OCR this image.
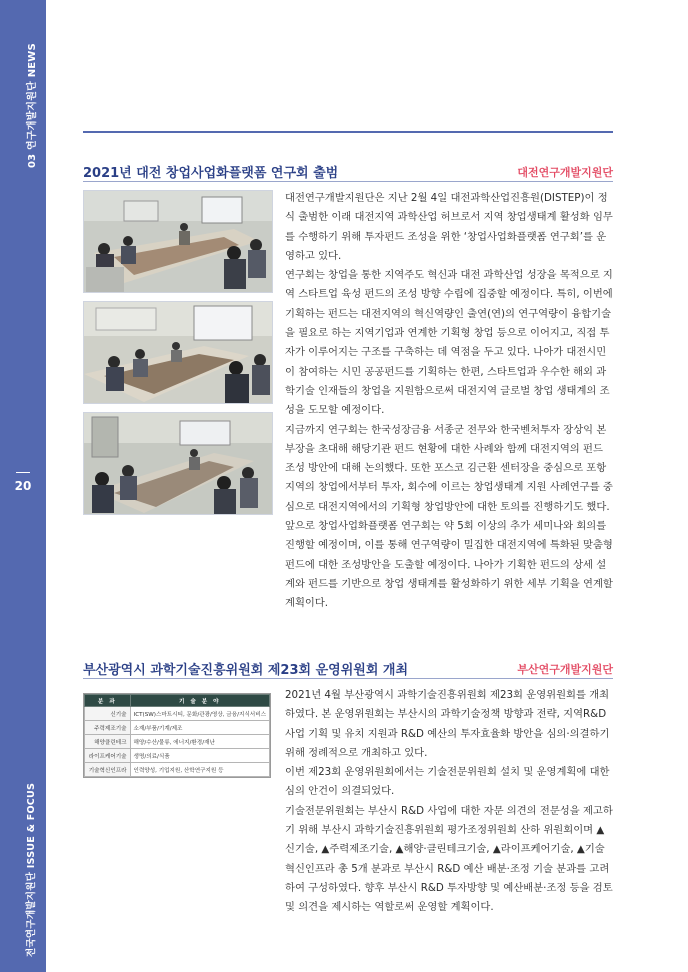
03 연구개발지원단 NEWS
20
전국연구개발지원단 ISSUE & FOCUS
2021년 대전 창업사업화플랫폼 연구회 출범	대전연구개발지원단

대전연구개발지원단은 지난 2월 4일 대전과학산업진흥원(DISTEP)이 정식 출범한 이래 대전지역 과학산업 허브로서 지역 창업생태계 활성화 임무를 수행하기 위해 투자펀드 조성을 위한 ‘창업사업화플랫폼 연구회’를 운영하고 있다.

연구회는 창업을 통한 지역주도 혁신과 대전 과학산업 성장을 목적으로 지역 스타트업 육성 펀드의 조성 방향 수립에 집중할 예정이다. 특히, 이번에 기획하는 펀드는 대전지역의 혁신역량인 출연(연)의 연구역량이 융합기술을 필요로 하는 지역기업과 연계한 기획형 창업 등으로 이어지고, 직접 투자가 이루어지는 구조를 구축하는 데 역점을 두고 있다. 나아가 대전시민이 참여하는 시민 공공펀드를 기획하는 한편, 스타트업과 우수한 해외 과학기술 인재들의 창업을 지원함으로써 대전지역 글로벌 창업 생태계의 조성을 도모할 예정이다.

지금까지 연구회는 한국성장금융 서종군 전무와 한국벤처투자 장상익 본부장을 초대해 해당기관 펀드 현황에 대한 사례와 함께 대전지역의 펀드 조성 방안에 대해 논의했다. 또한 포스코 김근환 센터장을 중심으로 포항지역의 창업에서부터 투자, 회수에 이르는 창업생태계 지원 사례연구를 중심으로 대전지역에서의 기획형 창업방안에 대한 토의를 진행하기도 했다.

앞으로 창업사업화플랫폼 연구회는 약 5회 이상의 추가 세미나와 회의를 진행할 예정이며, 이를 통해 연구역량이 밀집한 대전지역에 특화된 맞춤형 펀드에 대한 조성방안을 도출할 예정이다. 나아가 기획한 펀드의 상세 설계와 펀드를 기반으로 창업 생태계를 활성화하기 위한 세부 기획을 연계할 계획이다.

부산광역시 과학기술진흥위원회 제23회 운영위원회 개최	부산연구개발지원단
분 과	기 술 분 야
신기술	ICT(SW)스마트시티, 문화/관광/영상, 금융/지식서비스
주력제조기술	소재/부품/기계/제조
해양클린테크	해양/수산/물류, 에너지/환경/재난
라이프케어기술	생명/의료/식품
기술혁신인프라	인력양성, 기업지원, 산학연구지원 등

2021년 4월 부산광역시 과학기술진흥위원회 제23회 운영위원회를 개최하였다. 본 운영위원회는 부산시의 과학기술정책 방향과 전략, 지역R&D 사업 기획 및 유치 지원과 R&D 예산의 투자효율화 방안을 심의·의결하기 위해 정례적으로 개최하고 있다.

이번 제23회 운영위원회에서는 기술전문위원회 설치 및 운영계획에 대한 심의 안건이 의결되었다.

기술전문위원회는 부산시 R&D 사업에 대한 자문 의견의 전문성을 제고하기 위해 부산시 과학기술진흥위원회 평가조정위원회 산하 위원회이며 ▲신기술, ▲주력제조기술, ▲해양·클린테크기술, ▲라이프케어기술, ▲기술혁신인프라 총 5개 분과로 부산시 R&D 예산 배분·조정 기술 분과를 고려하여 구성하였다. 향후 부산시 R&D 투자방향 및 예산배분·조정 등을 검토 및 의견을 제시하는 역할로써 운영할 계획이다.
